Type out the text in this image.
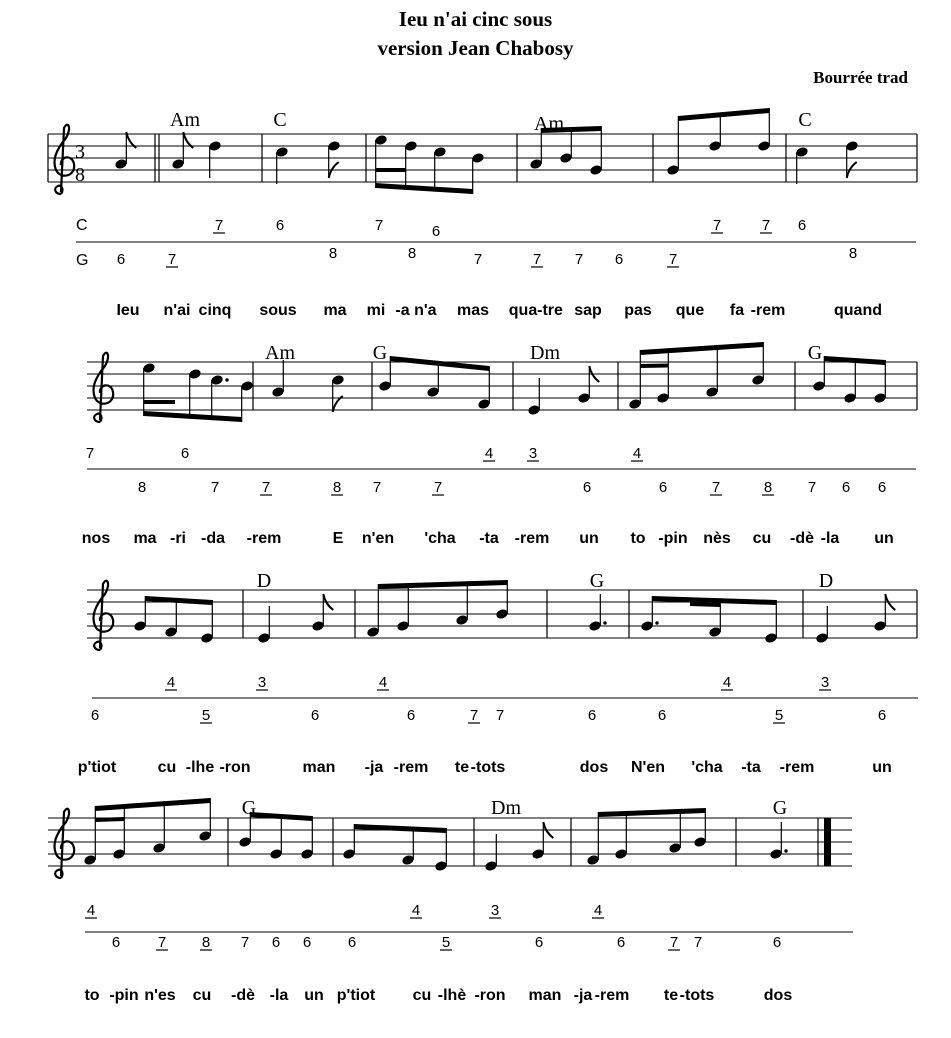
Ieu n'ai cinc sous
version Jean Chabosy
Bourrée trad
3
8
Am	C	Am	C
Am	G	Dm	G
D	G	D
G	Dm	G
C
G
7	6	7	6	7	7 6
6	7	8	8	7	7 7 6	7	8
7	6	4 3	4
8	7	7	8 7	7	6	6	7	8 7 6 6
4	3	4	4	3
6	5	6	6	7 7	6	6	5	6
4	4	3	4
6	7 8 7 6 6 6	5	6	6	7 7	6
Ieu n'ai cinq sous ma mi -a n'a mas qua -tre sap pas que fa -rem	quand
nos ma -ri -da -rem	E n'en 'cha -ta -rem un to -pin nès cu -dè -la un
p'tiot	cu -lhe -ron	man -ja -rem te -tots	dos N'en 'cha -ta -rem	un
to -pin n'es cu -dè -la un p'tiot cu -lhè -ron man -ja -rem te -tots	dos
